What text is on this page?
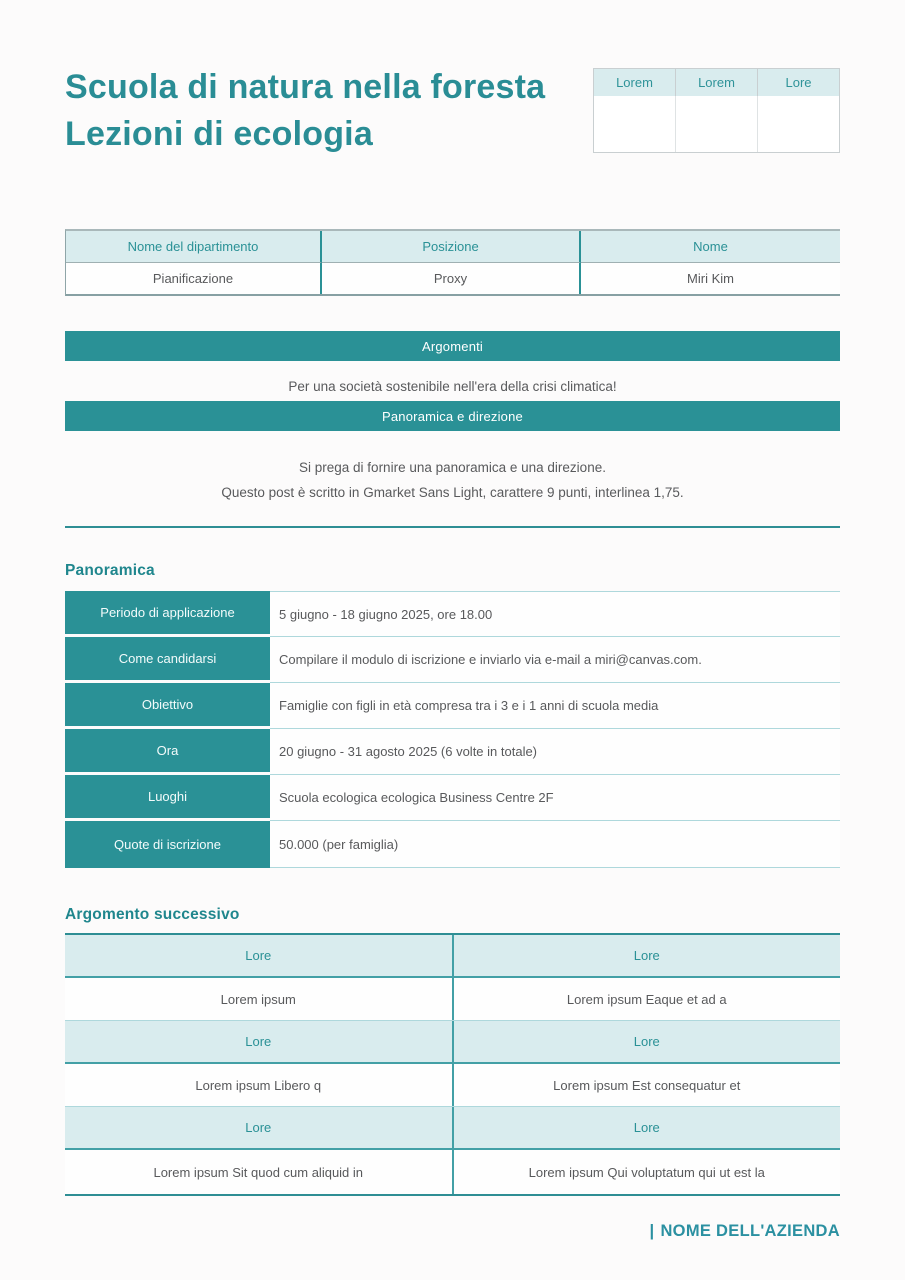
Scuola di natura nella foresta
Lezioni di ecologia
Lorem	Lorem	Lore
Nome del dipartimento	Posizione	Nome
Pianificazione	Proxy	Miri Kim
Argomenti
Per una società sostenibile nell'era della crisi climatica!
Panoramica e direzione
Si prega di fornire una panoramica e una direzione.
Questo post è scritto in Gmarket Sans Light, carattere 9 punti, interlinea 1,75.
Panoramica
Periodo di applicazione	5 giugno - 18 giugno 2025, ore 18.00
Come candidarsi	Compilare il modulo di iscrizione e inviarlo via e-mail a miri@canvas.com.
Obiettivo	Famiglie con figli in età compresa tra i 3 e i 1 anni di scuola media
Ora	20 giugno - 31 agosto 2025 (6 volte in totale)
Luoghi	Scuola ecologica ecologica Business Centre 2F
Quote di iscrizione	50.000 (per famiglia)
Argomento successivo
Lore	Lore
Lorem ipsum	Lorem ipsum Eaque et ad a
Lore	Lore
Lorem ipsum Libero q	Lorem ipsum Est consequatur et
Lore	Lore
Lorem ipsum Sit quod cum aliquid in	Lorem ipsum Qui voluptatum qui ut est la
| NOME DELL'AZIENDA
